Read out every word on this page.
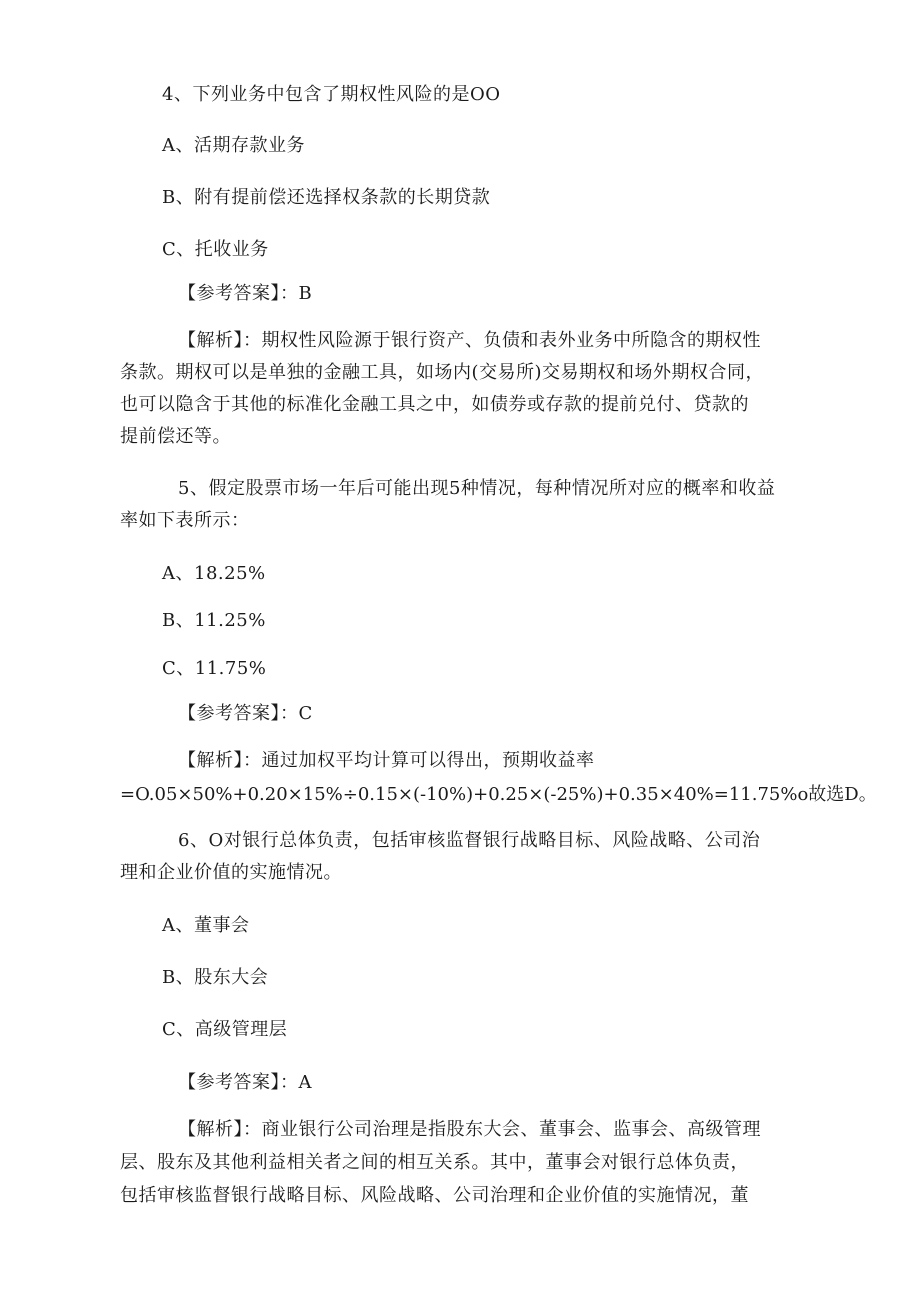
4、下列业务中包含了期权性风险的是OO
A、活期存款业务
B、附有提前偿还选择权条款的长期贷款
C、托收业务
【参考答案】：B
【解析】：期权性风险源于银行资产、负债和表外业务中所隐含的期权性
条款。期权可以是单独的金融工具，如场内(交易所)交易期权和场外期权合同，
也可以隐含于其他的标准化金融工具之中，如债券或存款的提前兑付、贷款的
提前偿还等。
5、假定股票市场一年后可能出现5种情况，每种情况所对应的概率和收益
率如下表所示：
A、18.25%
B、11.25%
C、11.75%
【参考答案】：C
【解析】：通过加权平均计算可以得出，预期收益率
=O.05×50%+0.20×15%÷0.15×(-10%)+0.25×(-25%)+0.35×40%=11.75%o故选D。
6、O对银行总体负责，包括审核监督银行战略目标、风险战略、公司治
理和企业价值的实施情况。
A、董事会
B、股东大会
C、高级管理层
【参考答案】：A
【解析】：商业银行公司治理是指股东大会、董事会、监事会、高级管理
层、股东及其他利益相关者之间的相互关系。其中，董事会对银行总体负责，
包括审核监督银行战略目标、风险战略、公司治理和企业价值的实施情况，董
